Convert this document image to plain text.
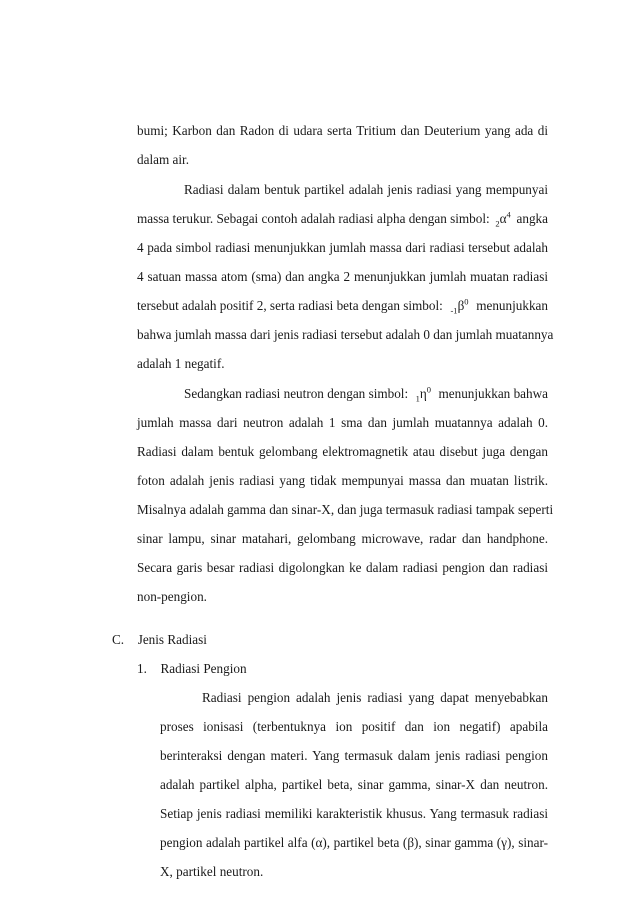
bumi; Karbon dan Radon di udara serta Tritium dan Deuterium yang ada di
dalam air.
Radiasi dalam bentuk partikel adalah jenis radiasi yang mempunyai
massa terukur. Sebagai contoh adalah radiasi alpha dengan simbol: $_2\alpha^4$ angka
4 pada simbol radiasi menunjukkan jumlah massa dari radiasi tersebut adalah
4 satuan massa atom (sma) dan angka 2 menunjukkan jumlah muatan radiasi
tersebut adalah positif 2, serta radiasi beta dengan simbol: $_{-1}\beta^0$ menunjukkan
bahwa jumlah massa dari jenis radiasi tersebut adalah 0 dan jumlah muatannya
adalah 1 negatif.
Sedangkan radiasi neutron dengan simbol: $_1\eta^0$ menunjukkan bahwa
jumlah massa dari neutron adalah 1 sma dan jumlah muatannya adalah 0.
Radiasi dalam bentuk gelombang elektromagnetik atau disebut juga dengan
foton adalah jenis radiasi yang tidak mempunyai massa dan muatan listrik.
Misalnya adalah gamma dan sinar-X, dan juga termasuk radiasi tampak seperti
sinar lampu, sinar matahari, gelombang microwave, radar dan handphone.
Secara garis besar radiasi digolongkan ke dalam radiasi pengion dan radiasi
non-pengion.
C. Jenis Radiasi
1. Radiasi Pengion
Radiasi pengion adalah jenis radiasi yang dapat menyebabkan
proses ionisasi (terbentuknya ion positif dan ion negatif) apabila
berinteraksi dengan materi. Yang termasuk dalam jenis radiasi pengion
adalah partikel alpha, partikel beta, sinar gamma, sinar-X dan neutron.
Setiap jenis radiasi memiliki karakteristik khusus. Yang termasuk radiasi
pengion adalah partikel alfa (α), partikel beta (β), sinar gamma (γ), sinar-
X, partikel neutron.
